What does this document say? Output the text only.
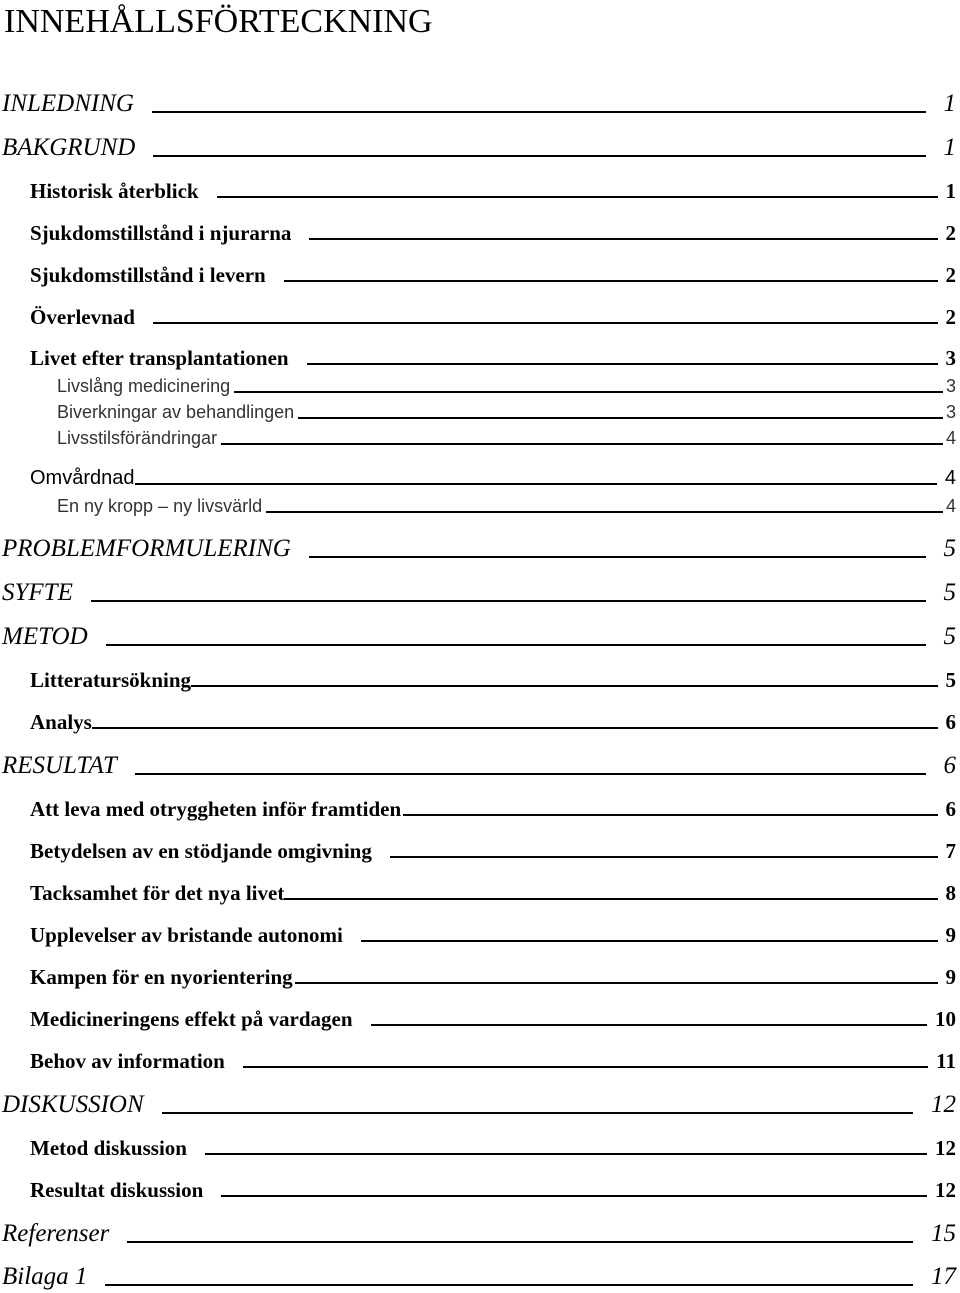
INNEHÅLLSFÖRTECKNING
INLEDNING	1
BAKGRUND	1
Historisk återblick	1
Sjukdomstillstånd i njurarna	2
Sjukdomstillstånd i levern	2
Överlevnad	2
Livet efter transplantationen	3
Livslång medicinering	3
Biverkningar av behandlingen	3
Livsstilsförändringar	4
Omvårdnad	4
En ny kropp – ny livsvärld	4
PROBLEMFORMULERING	5
SYFTE	5
METOD	5
Litteratursökning	5
Analys	6
RESULTAT	6
Att leva med otryggheten inför framtiden	6
Betydelsen av en stödjande omgivning	7
Tacksamhet för det nya livet	8
Upplevelser av bristande autonomi	9
Kampen för en nyorientering	9
Medicineringens effekt på vardagen	10
Behov av information	11
DISKUSSION	12
Metod diskussion	12
Resultat diskussion	12
Referenser	15
Bilaga 1	17
